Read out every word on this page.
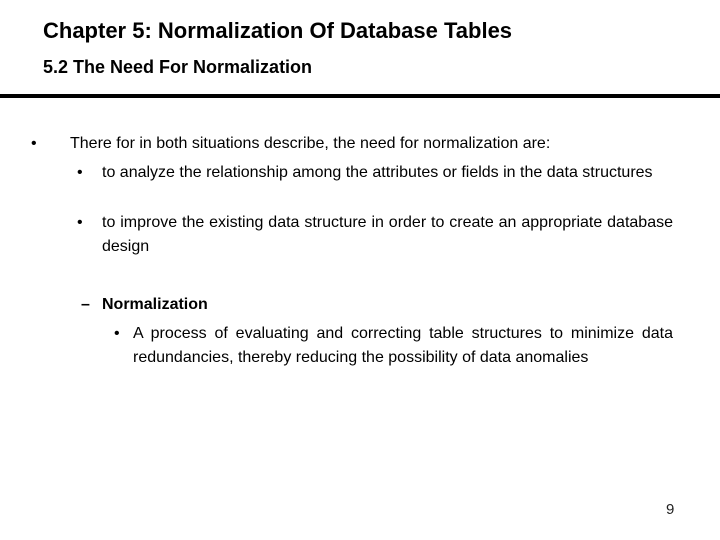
Chapter 5: Normalization Of Database Tables
5.2 The Need For Normalization
• There for in both situations describe, the need for normalization are:
• to analyze the relationship among the attributes or fields in the data structures
• to improve the existing data structure in order to create an appropriate database design
– Normalization
• A process of evaluating and correcting table structures to minimize data redundancies, thereby reducing the possibility of data anomalies
9
